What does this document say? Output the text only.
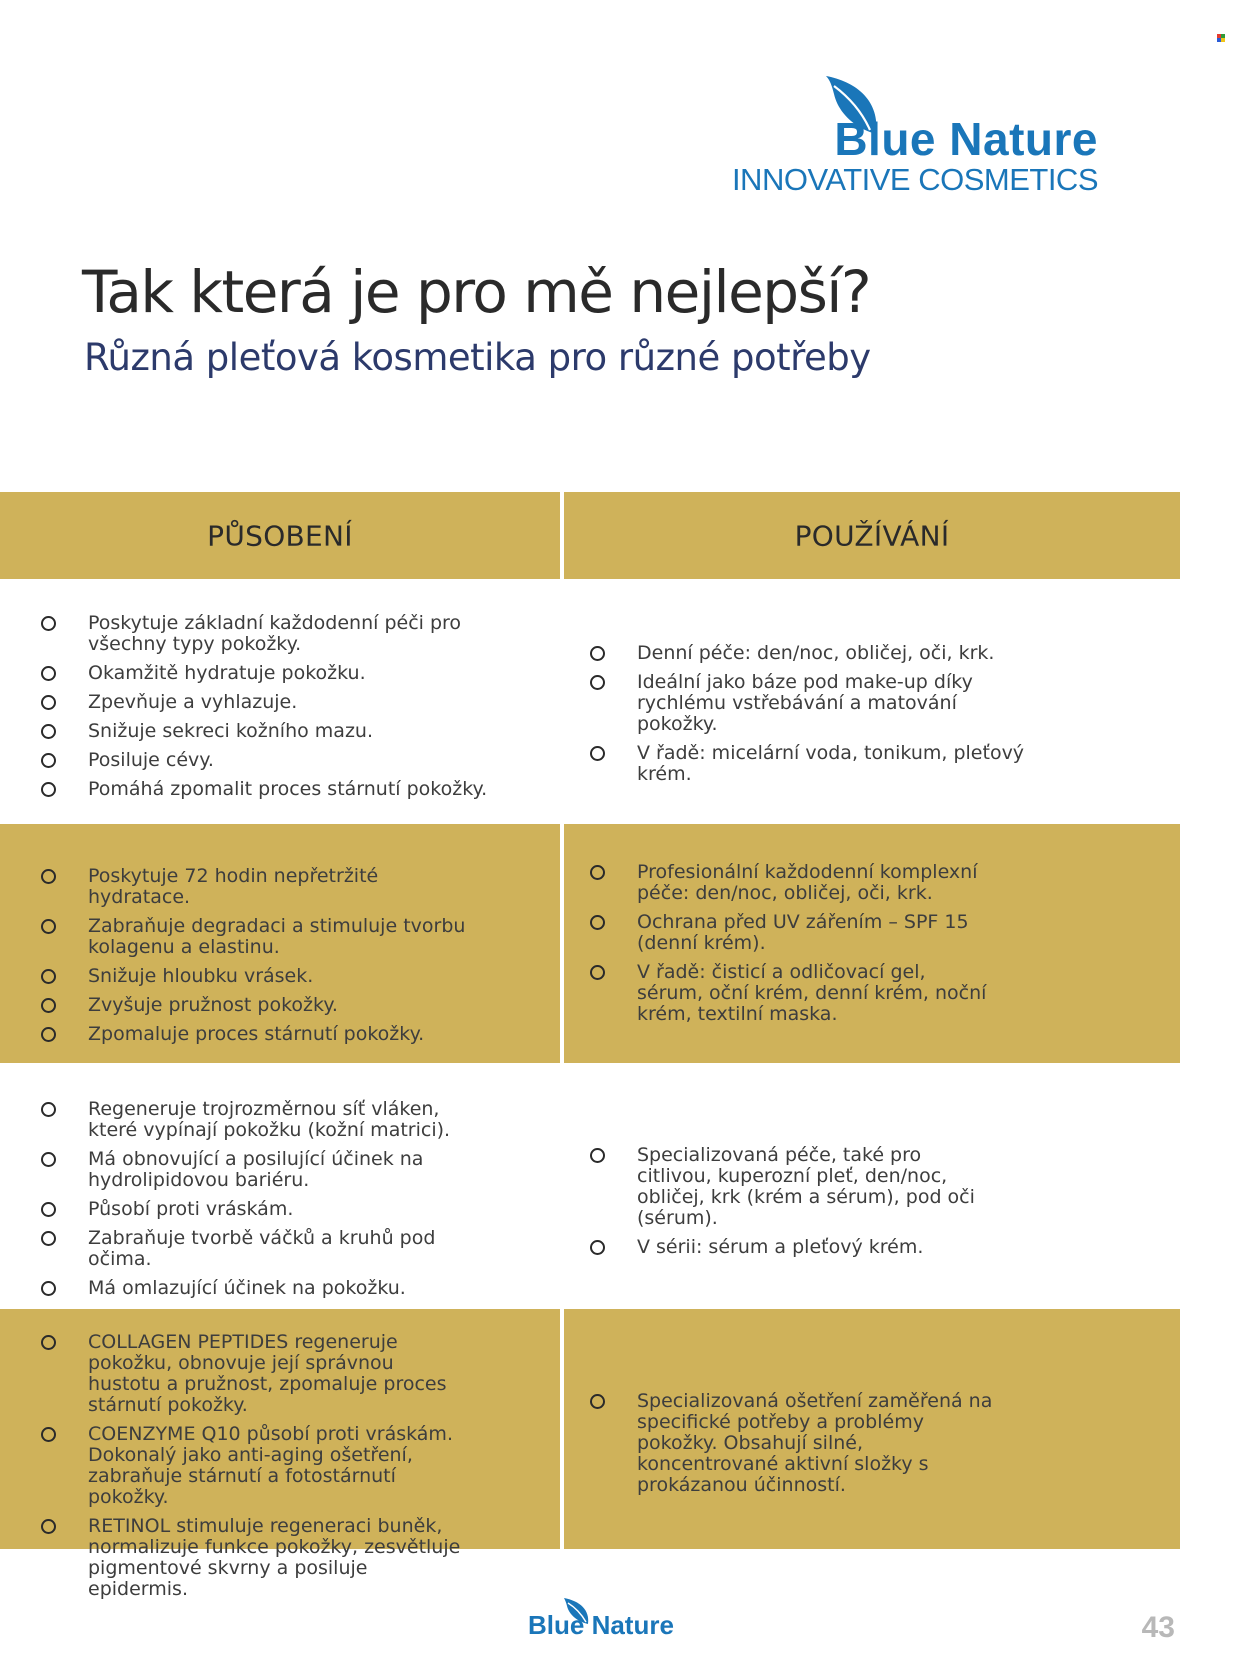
Blue Nature
INNOVATIVE COSMETICS
Tak která je pro mě nejlepší?
Různá pleťová kosmetika pro různé potřeby
PŮSOBENÍ	POUŽÍVÁNÍ
Poskytuje základní každodenní péči pro všechny typy pokožky.
Okamžitě hydratuje pokožku.
Zpevňuje a vyhlazuje.
Snižuje sekreci kožního mazu.
Posiluje cévy.
Pomáhá zpomalit proces stárnutí pokožky.
Denní péče: den/noc, obličej, oči, krk.
Ideální jako báze pod make-up díky rychlému vstřebávání a matování pokožky.
V řadě: micelární voda, tonikum, pleťový krém.
Poskytuje 72 hodin nepřetržité hydratace.
Zabraňuje degradaci a stimuluje tvorbu kolagenu a elastinu.
Snižuje hloubku vrásek.
Zvyšuje pružnost pokožky.
Zpomaluje proces stárnutí pokožky.
Profesionální každodenní komplexní péče: den/noc, obličej, oči, krk.
Ochrana před UV zářením – SPF 15 (denní krém).
V řadě: čisticí a odličovací gel, sérum, oční krém, denní krém, noční krém, textilní maska.
Regeneruje trojrozměrnou síť vláken, které vypínají pokožku (kožní matrici).
Má obnovující a posilující účinek na hydrolipidovou bariéru.
Působí proti vráskám.
Zabraňuje tvorbě váčků a kruhů pod očima.
Má omlazující účinek na pokožku.
Specializovaná péče, také pro citlivou, kuperozní pleť, den/noc, obličej, krk (krém a sérum), pod oči (sérum).
V sérii: sérum a pleťový krém.
COLLAGEN PEPTIDES regeneruje pokožku, obnovuje její správnou hustotu a pružnost, zpomaluje proces stárnutí pokožky.
COENZYME Q10 působí proti vráskám. Dokonalý jako anti-aging ošetření, zabraňuje stárnutí a fotostárnutí pokožky.
RETINOL stimuluje regeneraci buněk, normalizuje funkce pokožky, zesvětluje pigmentové skvrny a posiluje epidermis.
Specializovaná ošetření zaměřená na specifické potřeby a problémy pokožky. Obsahují silné, koncentrované aktivní složky s prokázanou účinností.
Blue Nature	43
